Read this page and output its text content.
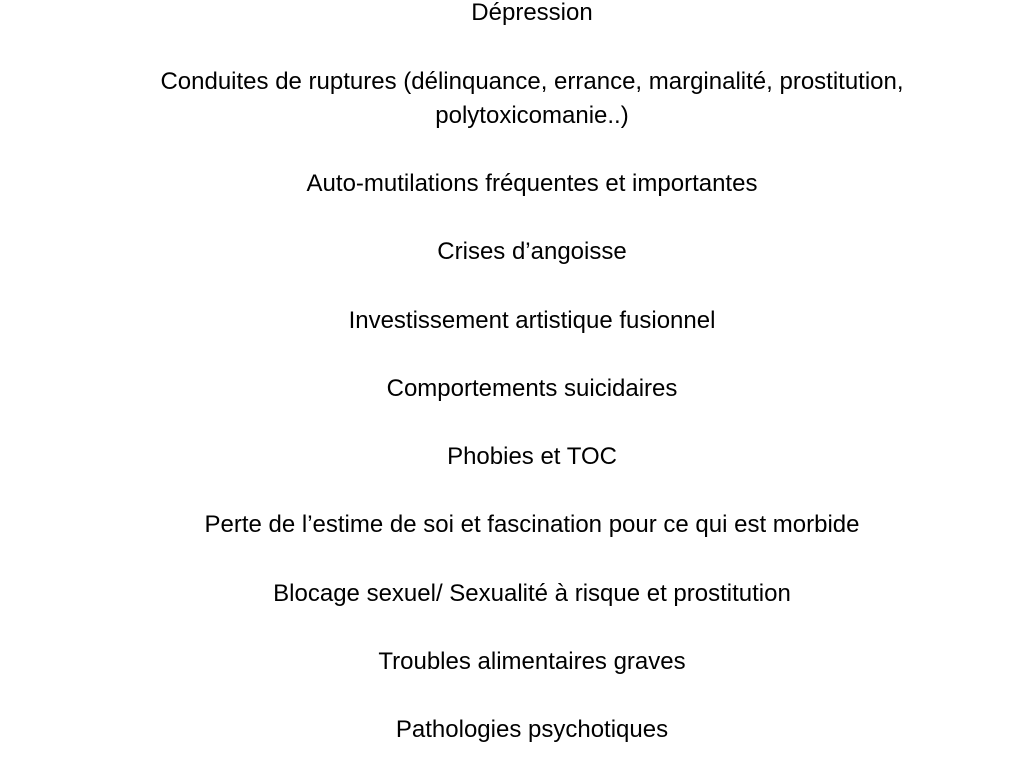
Dépression

Conduites de ruptures (délinquance, errance, marginalité, prostitution, polytoxicomanie..)

Auto-mutilations fréquentes et importantes

Crises d’angoisse

Investissement artistique fusionnel

Comportements suicidaires

Phobies et TOC

Perte de l’estime de soi et fascination pour ce qui est morbide

Blocage sexuel/ Sexualité à risque et prostitution

Troubles alimentaires graves

Pathologies psychotiques
